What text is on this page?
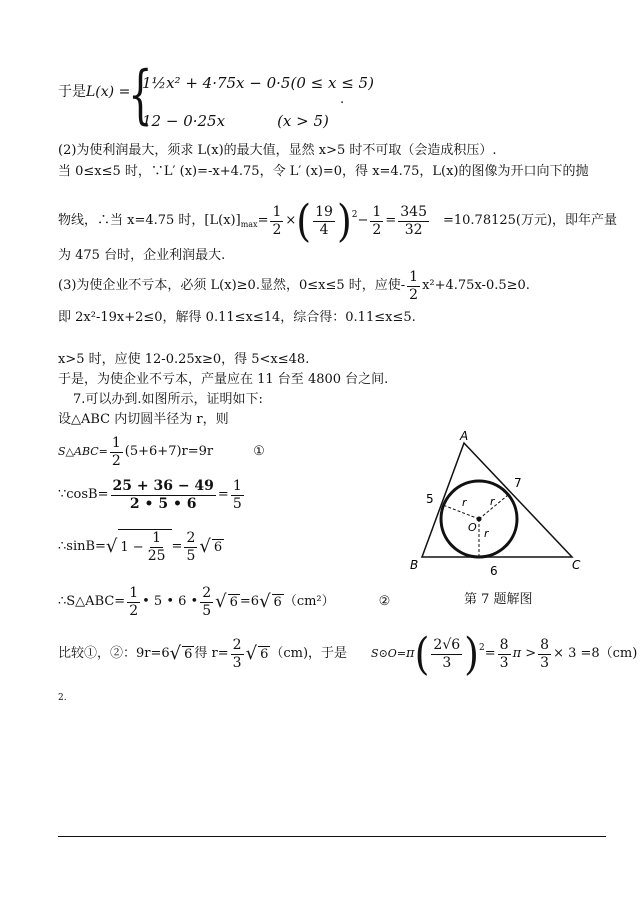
于是L(x) =
{
1½x² + 4·75x − 0·5(0 ≤ x ≤ 5)
12 − 0·25x	(x > 5)
.
(2)为使利润最大，须求 L(x)的最大值，显然 x>5 时不可取（会造成积压）.
当 0≤x≤5 时，∵L′ (x)=-x+4.75，令 L′ (x)=0，得 x=4.75，L(x)的图像为开口向下的抛
物线，∴当 x=4.75 时，[L(x)] $\max = \frac{1}{2}$ × ( $\frac{19}{4}$ ) $2 - \frac{1}{2} = \frac{345}{32} =10.78125$(万元)，即年产量
为 475 台时，企业利润最大.
(3)为使企业不亏本，必须 L(x)≥0.显然，0≤x≤5 时，应使- $\frac{1}{2} x^2+4.75x-0.5\ge 0$.
即 2x²-19x+2≤0，解得 0.11≤x≤14，综合得：0.11≤x≤5.
x>5 时，应使 12-0.25x≥0，得 5<x≤48.
于是，为使企业不亏本，产量应在 11 台至 4800 台之间.
7.可以办到.如图所示，证明如下:
设△ABC 内切圆半径为 r，则
S△ABC= $\frac{1}{2} (5+6+7)r=9r$	①
∵cosB= $\frac{25 + 36 - 49}{2 • 5 • 6} = \frac{1}{5}$
∴sinB= √ $1 - \frac{1}{25} = \frac{2}{5}$ √ 6
∴S△ABC= $\frac{1}{2}$ • 5 • 6 • $\frac{2}{5}$ √ 6 =6 √ 6 （cm²）	②
比较①，②：9r=6 √ 6 得 $r= \frac{2}{3}$ √ 6 （cm)，于是 S⊙O= π ( $\frac{2√6}{3}$ ) $2 = \frac{8}{3}$ $\pi > \frac{8}{3} \times 3 =8(cm)$
2.
A
B	C
O
5
7
6
r r
r
第 7 题解图
